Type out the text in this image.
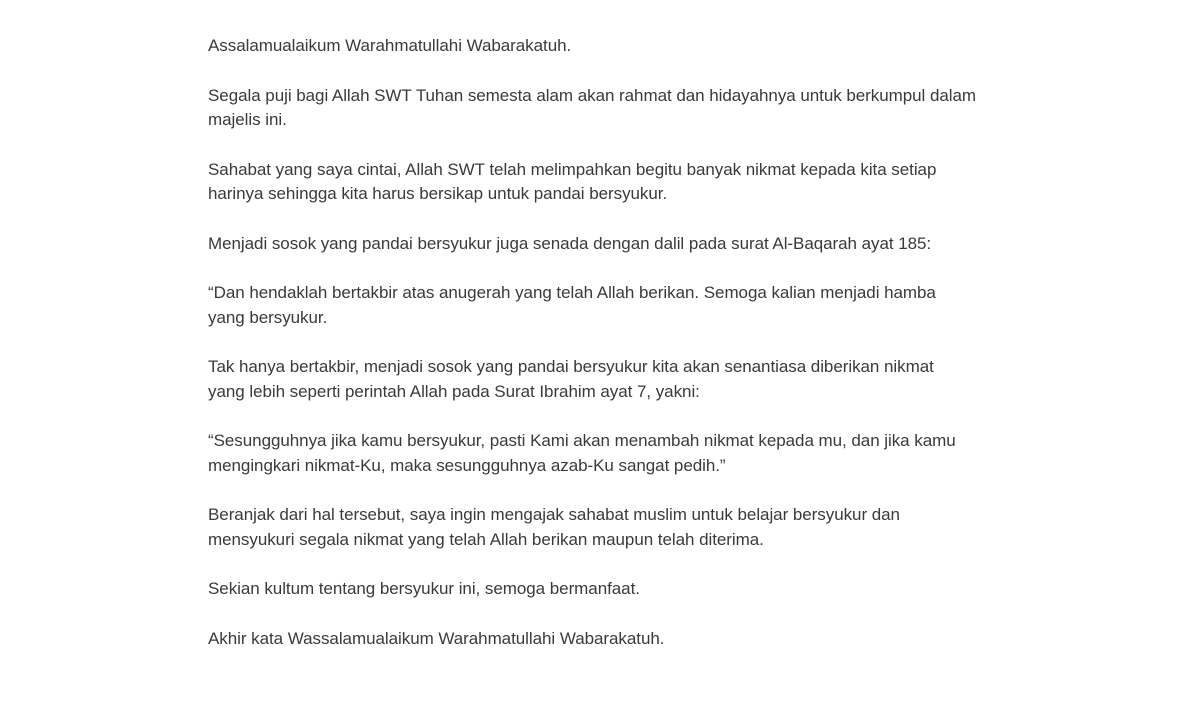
Assalamualaikum Warahmatullahi Wabarakatuh.

Segala puji bagi Allah SWT Tuhan semesta alam akan rahmat dan hidayahnya untuk berkumpul dalam majelis ini.

Sahabat yang saya cintai, Allah SWT telah melimpahkan begitu banyak nikmat kepada kita setiap harinya sehingga kita harus bersikap untuk pandai bersyukur.

Menjadi sosok yang pandai bersyukur juga senada dengan dalil pada surat Al-Baqarah ayat 185:

“Dan hendaklah bertakbir atas anugerah yang telah Allah berikan. Semoga kalian menjadi hamba yang bersyukur.

Tak hanya bertakbir, menjadi sosok yang pandai bersyukur kita akan senantiasa diberikan nikmat yang lebih seperti perintah Allah pada Surat Ibrahim ayat 7, yakni:

“Sesungguhnya jika kamu bersyukur, pasti Kami akan menambah nikmat kepada mu, dan jika kamu mengingkari nikmat-Ku, maka sesungguhnya azab-Ku sangat pedih.”

Beranjak dari hal tersebut, saya ingin mengajak sahabat muslim untuk belajar bersyukur dan mensyukuri segala nikmat yang telah Allah berikan maupun telah diterima.

Sekian kultum tentang bersyukur ini, semoga bermanfaat.

Akhir kata Wassalamualaikum Warahmatullahi Wabarakatuh.
